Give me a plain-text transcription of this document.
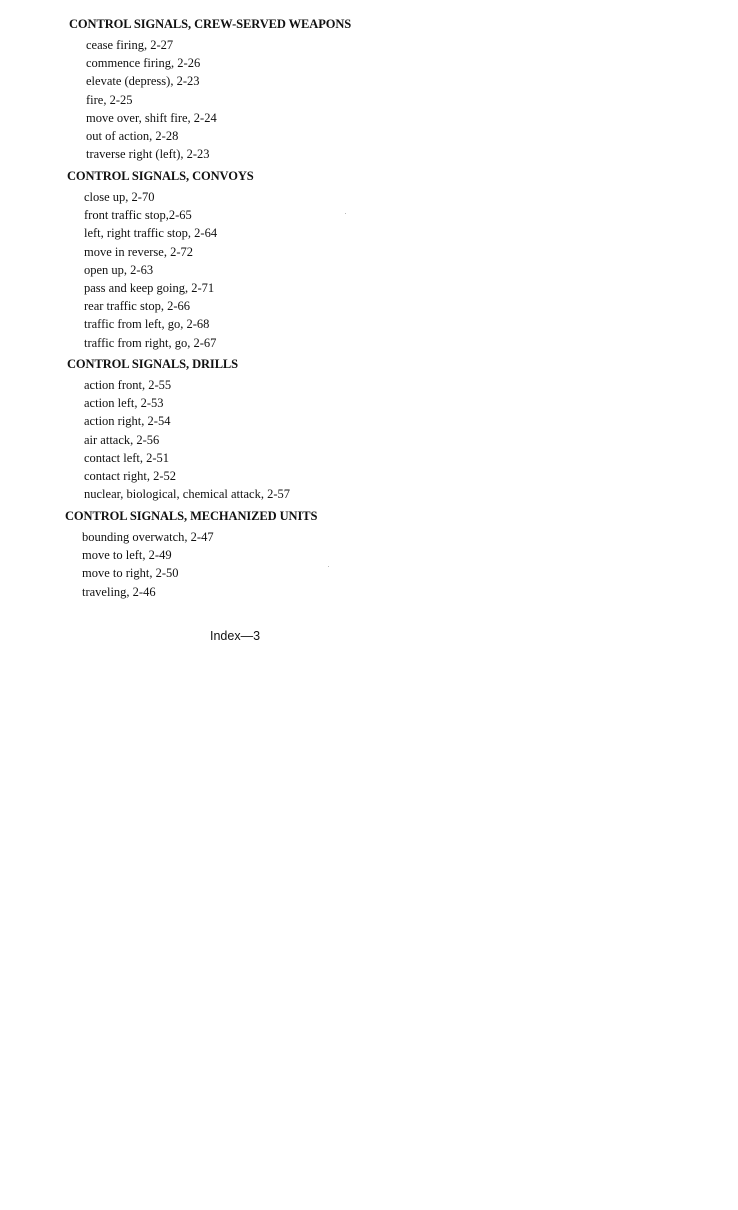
CONTROL SIGNALS, CREW-SERVED WEAPONS
cease firing, 2-27
commence firing, 2-26
elevate (depress), 2-23
fire, 2-25
move over, shift fire, 2-24
out of action, 2-28
traverse right (left), 2-23
CONTROL SIGNALS, CONVOYS
close up, 2-70
front traffic stop,2-65
left, right traffic stop, 2-64
move in reverse, 2-72
open up, 2-63
pass and keep going, 2-71
rear traffic stop, 2-66
traffic from left, go, 2-68
traffic from right, go, 2-67
CONTROL SIGNALS, DRILLS
action front, 2-55
action left, 2-53
action right, 2-54
air attack, 2-56
contact left, 2-51
contact right, 2-52
nuclear, biological, chemical attack, 2-57
CONTROL SIGNALS, MECHANIZED UNITS
bounding overwatch, 2-47
move to left, 2-49
move to right, 2-50
traveling, 2-46
Index—3
